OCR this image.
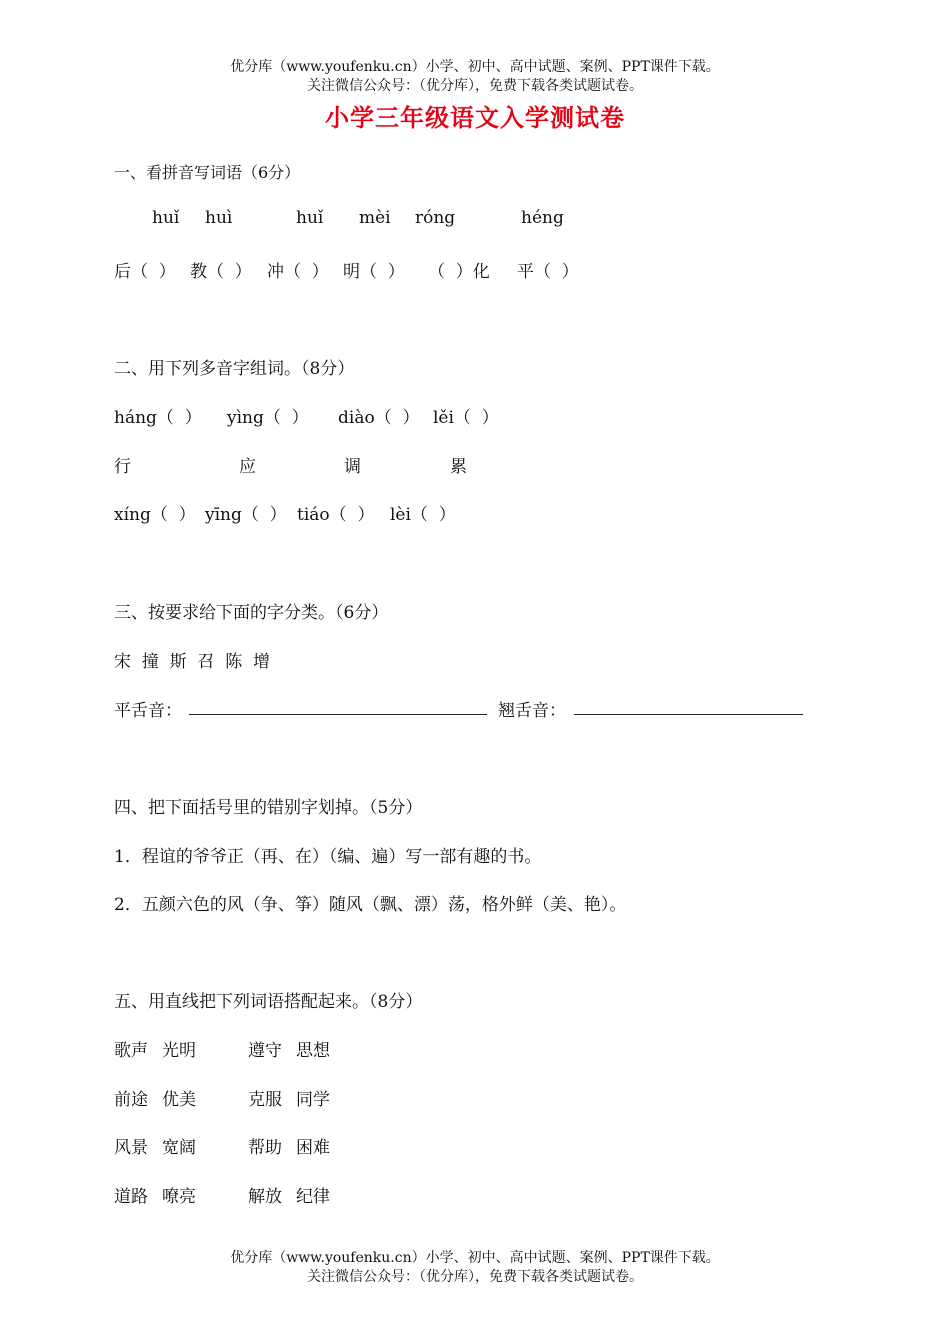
优分库（www.youfenku.cn）小学、初中、高中试题、案例、PPT课件下载。
关注微信公众号：（优分库），免费下载各类试题试卷。
小学三年级语文入学测试卷
一、看拼音写词语（6分）
huǐ huì	huǐ mèi róng	héng
后（  ） 教（  ） 冲（  ） 明（  ） （  ）化 平（  ）
二、用下列多音字组词。（8分）
háng（  ） yìng（  ） diào（  ） lěi（  ）
行	应	调	累
xíng（  ） yīng（  ） tiáo（  ） lèi（  ）
三、按要求给下面的字分类。（6分）
宋  撞  斯  召  陈  增
平舌音：	翘舌音：
四、把下面括号里的错别字划掉。（5分）
1．程谊的爷爷正（再、在）（编、遍）写一部有趣的书。
2．五颜六色的风（争、筝）随风（飘、漂）荡，格外鲜（美、艳）。
五、用直线把下列词语搭配起来。（8分）
歌声 光明	遵守 思想
前途 优美	克服 同学
风景 宽阔	帮助 困难
道路 嘹亮	解放 纪律
优分库（www.youfenku.cn）小学、初中、高中试题、案例、PPT课件下载。
关注微信公众号：（优分库），免费下载各类试题试卷。
